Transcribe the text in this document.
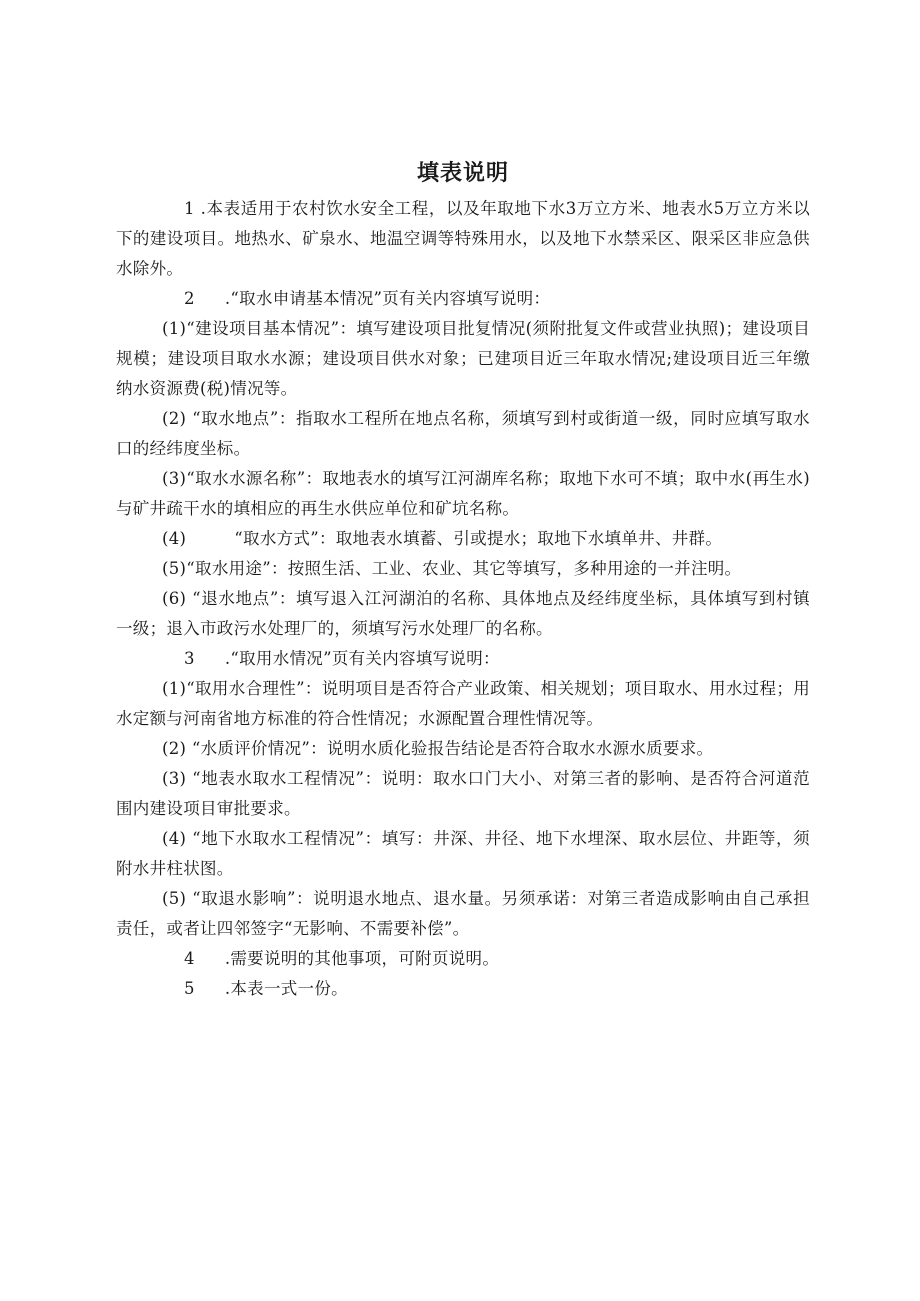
填表说明

1 .本表适用于农村饮水安全工程，以及年取地下水3万立方米、地表水5万立方米以下的建设项目。地热水、矿泉水、地温空调等特殊用水，以及地下水禁采区、限采区非应急供水除外。

2 .“取水申请基本情况”页有关内容填写说明：

(1)“建设项目基本情况”：填写建设项目批复情况(须附批复文件或营业执照)；建设项目规模；建设项目取水水源；建设项目供水对象；已建项目近三年取水情况;建设项目近三年缴纳水资源费(税)情况等。

(2) “取水地点”：指取水工程所在地点名称，须填写到村或街道一级，同时应填写取水口的经纬度坐标。

(3)“取水水源名称”：取地表水的填写江河湖库名称；取地下水可不填；取中水(再生水)与矿井疏干水的填相应的再生水供应单位和矿坑名称。

(4)	“取水方式”：取地表水填蓄、引或提水；取地下水填单井、井群。

(5)“取水用途”：按照生活、工业、农业、其它等填写，多种用途的一并注明。

(6) “退水地点”：填写退入江河湖泊的名称、具体地点及经纬度坐标，具体填写到村镇一级；退入市政污水处理厂的，须填写污水处理厂的名称。

3 .“取用水情况”页有关内容填写说明：

(1)“取用水合理性”：说明项目是否符合产业政策、相关规划；项目取水、用水过程；用水定额与河南省地方标准的符合性情况；水源配置合理性情况等。

(2) “水质评价情况”：说明水质化验报告结论是否符合取水水源水质要求。

(3) “地表水取水工程情况”：说明：取水口门大小、对第三者的影响、是否符合河道范围内建设项目审批要求。

(4) “地下水取水工程情况”：填写：井深、井径、地下水埋深、取水层位、井距等，须附水井柱状图。

(5) “取退水影响”：说明退水地点、退水量。另须承诺：对第三者造成影响由自己承担责任，或者让四邻签字“无影响、不需要补偿”。

4 .需要说明的其他事项，可附页说明。

5 .本表一式一份。
